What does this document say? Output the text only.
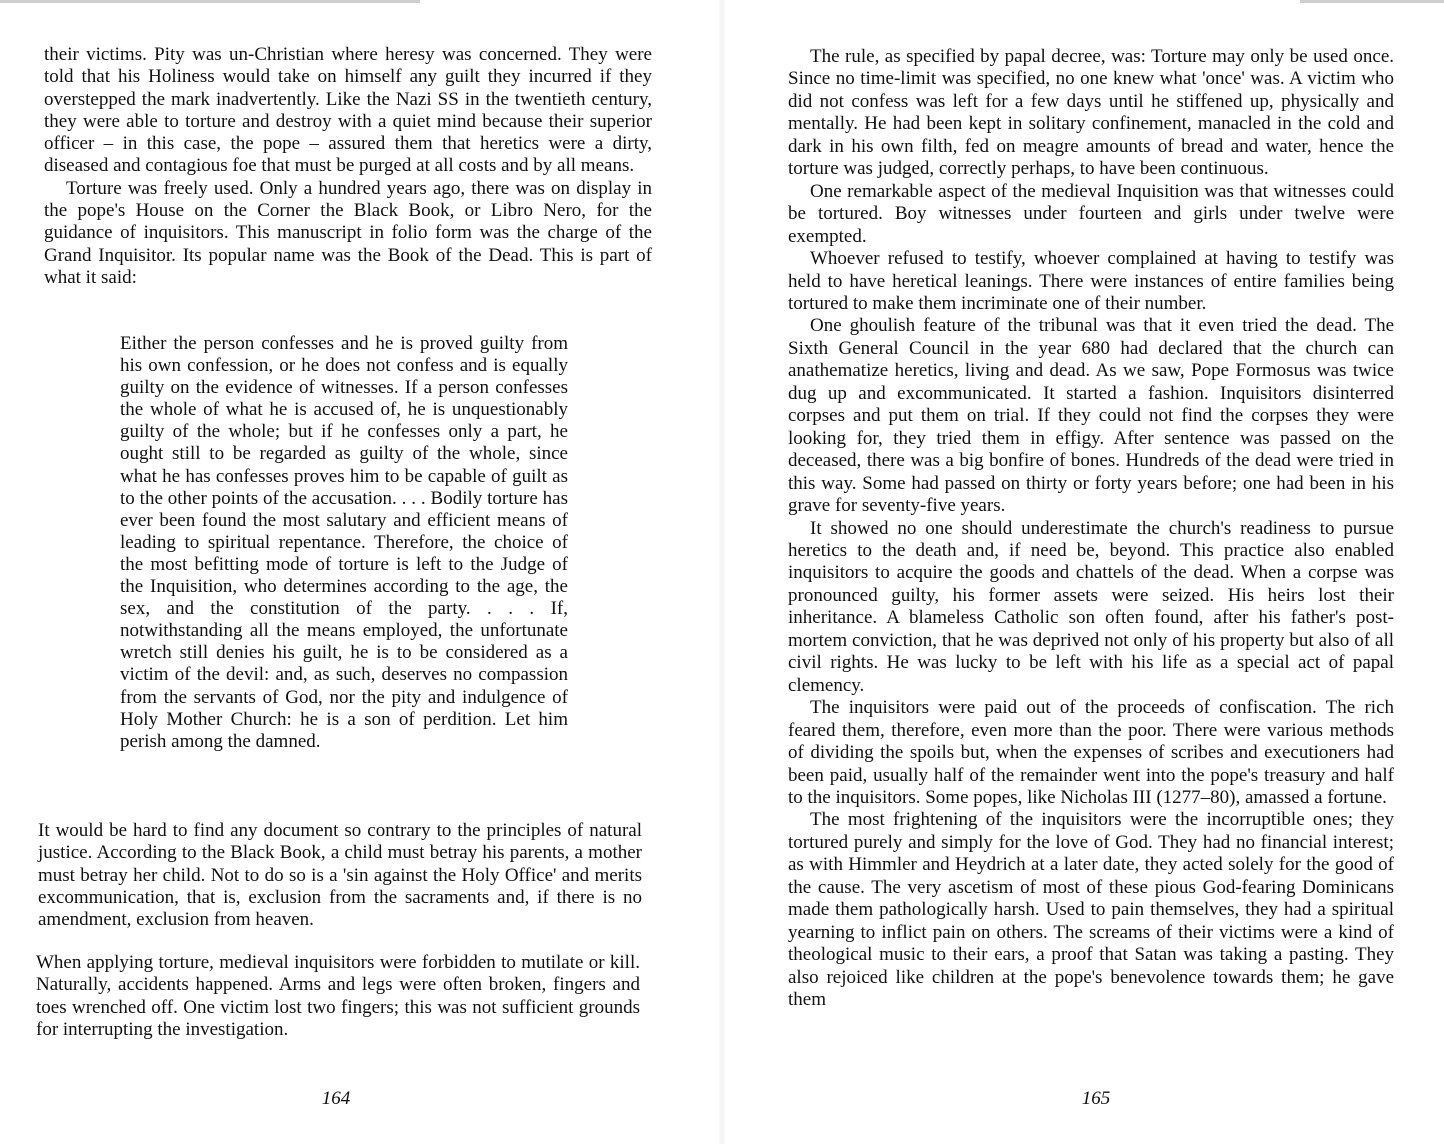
their victims. Pity was un-Christian where heresy was concerned. They were told that his Holiness would take on himself any guilt they incurred if they overstepped the mark inadvertently. Like the Nazi SS in the twentieth century, they were able to torture and destroy with a quiet mind because their superior officer – in this case, the pope – assured them that heretics were a dirty, diseased and contagious foe that must be purged at all costs and by all means.

Torture was freely used. Only a hundred years ago, there was on display in the pope's House on the Corner the Black Book, or Libro Nero, for the guidance of inquisitors. This manuscript in folio form was the charge of the Grand Inquisitor. Its popular name was the Book of the Dead. This is part of what it said:

Either the person confesses and he is proved guilty from his own confession, or he does not confess and is equally guilty on the evidence of witnesses. If a person confesses the whole of what he is accused of, he is unquestionably guilty of the whole; but if he confesses only a part, he ought still to be regarded as guilty of the whole, since what he has confesses proves him to be capable of guilt as to the other points of the accusation. . . . Bodily torture has ever been found the most salutary and efficient means of leading to spiritual repentance. Therefore, the choice of the most befitting mode of torture is left to the Judge of the Inquisition, who determines according to the age, the sex, and the constitution of the party. . . . If, notwithstanding all the means employed, the unfortunate wretch still denies his guilt, he is to be considered as a victim of the devil: and, as such, deserves no compassion from the servants of God, nor the pity and indulgence of Holy Mother Church: he is a son of perdition. Let him perish among the damned.

It would be hard to find any document so contrary to the principles of natural justice. According to the Black Book, a child must betray his parents, a mother must betray her child. Not to do so is a 'sin against the Holy Office' and merits excommunication, that is, exclusion from the sacraments and, if there is no amendment, exclusion from heaven.

When applying torture, medieval inquisitors were forbidden to mutilate or kill. Naturally, accidents happened. Arms and legs were often broken, fingers and toes wrenched off. One victim lost two fingers; this was not sufficient grounds for interrupting the investigation.

164

The rule, as specified by papal decree, was: Torture may only be used once. Since no time-limit was specified, no one knew what 'once' was. A victim who did not confess was left for a few days until he stiffened up, physically and mentally. He had been kept in solitary confinement, manacled in the cold and dark in his own filth, fed on meagre amounts of bread and water, hence the torture was judged, correctly perhaps, to have been continuous.

One remarkable aspect of the medieval Inquisition was that witnesses could be tortured. Boy witnesses under fourteen and girls under twelve were exempted.

Whoever refused to testify, whoever complained at having to testify was held to have heretical leanings. There were instances of entire families being tortured to make them incriminate one of their number.

One ghoulish feature of the tribunal was that it even tried the dead. The Sixth General Council in the year 680 had declared that the church can anathematize heretics, living and dead. As we saw, Pope Formosus was twice dug up and excommunicated. It started a fashion. Inquisitors disinterred corpses and put them on trial. If they could not find the corpses they were looking for, they tried them in effigy. After sentence was passed on the deceased, there was a big bonfire of bones. Hundreds of the dead were tried in this way. Some had passed on thirty or forty years before; one had been in his grave for seventy-five years.

It showed no one should underestimate the church's readiness to pursue heretics to the death and, if need be, beyond. This practice also enabled inquisitors to acquire the goods and chattels of the dead. When a corpse was pronounced guilty, his former assets were seized. His heirs lost their inheritance. A blameless Catholic son often found, after his father's post-mortem conviction, that he was deprived not only of his property but also of all civil rights. He was lucky to be left with his life as a special act of papal clemency.

The inquisitors were paid out of the proceeds of confiscation. The rich feared them, therefore, even more than the poor. There were various methods of dividing the spoils but, when the expenses of scribes and executioners had been paid, usually half of the remainder went into the pope's treasury and half to the inquisitors. Some popes, like Nicholas III (1277–80), amassed a fortune.

The most frightening of the inquisitors were the incorruptible ones; they tortured purely and simply for the love of God. They had no financial interest; as with Himmler and Heydrich at a later date, they acted solely for the good of the cause. The very ascetism of most of these pious God-fearing Dominicans made them pathologically harsh. Used to pain themselves, they had a spiritual yearning to inflict pain on others. The screams of their victims were a kind of theological music to their ears, a proof that Satan was taking a pasting. They also rejoiced like children at the pope's benevolence towards them; he gave them

165
